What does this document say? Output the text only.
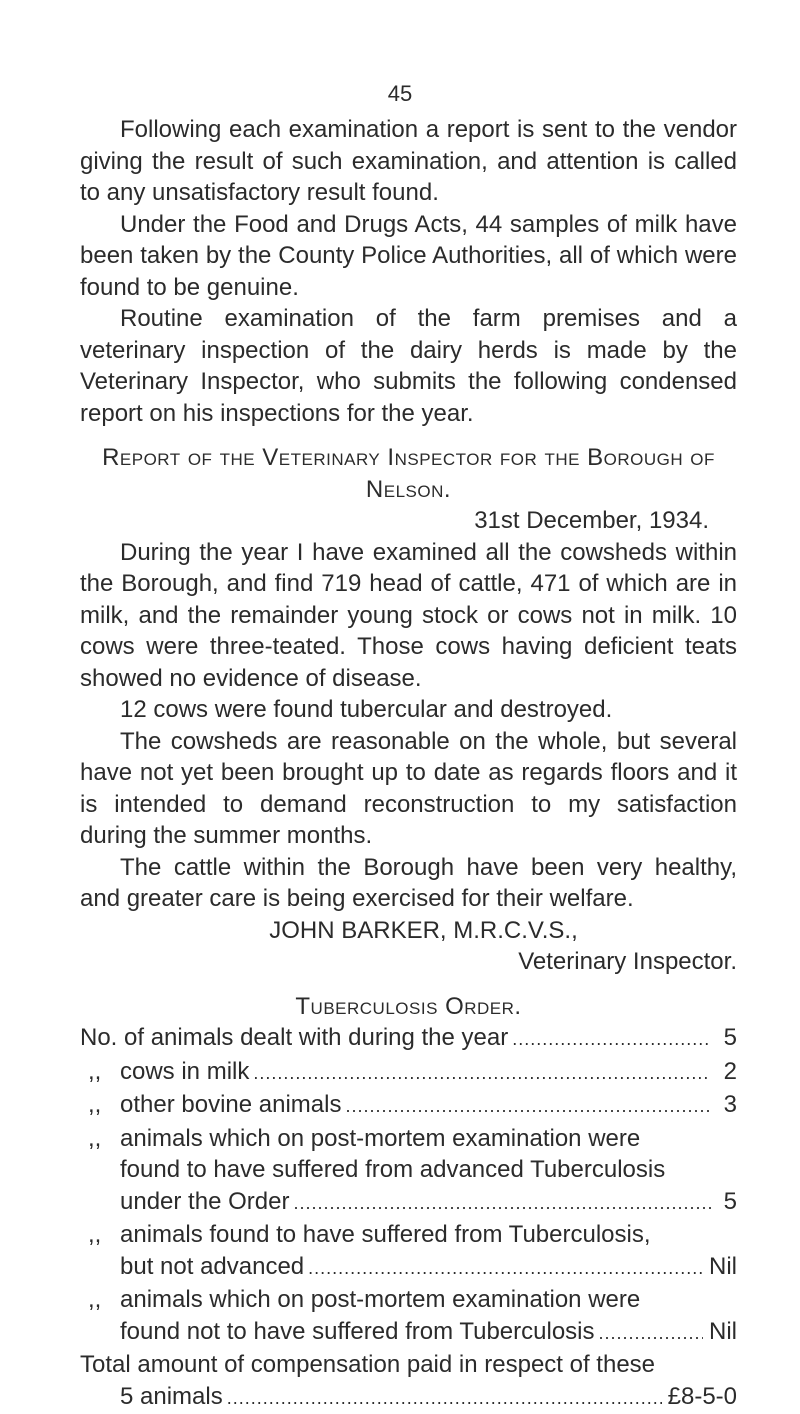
45

Following each examination a report is sent to the vendor giving the result of such examination, and attention is called to any unsatisfactory result found.

Under the Food and Drugs Acts, 44 samples of milk have been taken by the County Police Authorities, all of which were found to be genuine.

Routine examination of the farm premises and a veterinary inspection of the dairy herds is made by the Veterinary Inspector, who submits the following condensed report on his inspections for the year.

Report of the Veterinary Inspector for the Borough of
Nelson.

31st December, 1934.

During the year I have examined all the cowsheds within the Borough, and find 719 head of cattle, 471 of which are in milk, and the remainder young stock or cows not in milk. 10 cows were three-teated. Those cows having deficient teats showed no evidence of disease.

12 cows were found tubercular and destroyed.

The cowsheds are reasonable on the whole, but several have not yet been brought up to date as regards floors and it is intended to demand reconstruction to my satisfaction during the summer months.

The cattle within the Borough have been very healthy, and greater care is being exercised for their welfare.

JOHN BARKER, M.R.C.V.S.,

Veterinary Inspector.

Tuberculosis Order.

No. of animals dealt with during the year .....	5
,, cows in milk .....	2
,, other bovine animals .....	3
,, animals which on post-mortem examination were
found to have suffered from advanced Tuberculosis
under the Order .....	5
,, animals found to have suffered from Tuberculosis,
but not advanced .....	Nil
,, animals which on post-mortem examination were
found not to have suffered from Tuberculosis .....	Nil
Total amount of compensation paid in respect of these
5 animals .....	£8-5-0
